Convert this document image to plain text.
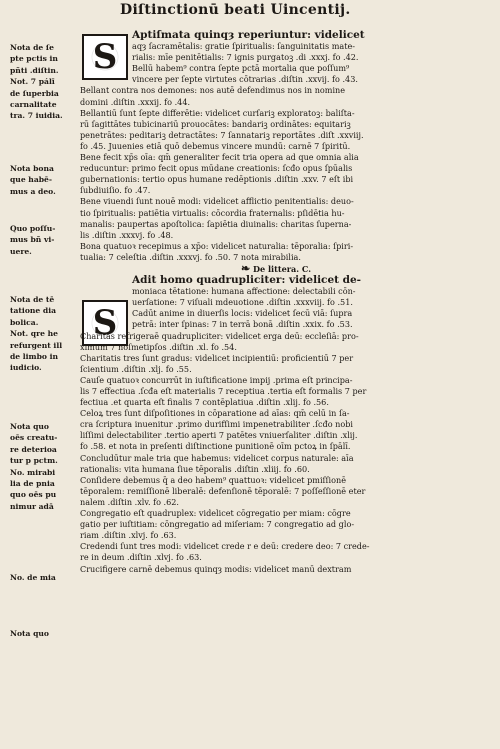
Diſtinctionū beati Uincentij.
Nota de ſe
pte pctis in
pñti .diſtin.
Not. 7 pálī
de ſuperbia
carnalitate
tra. 7 iuidia.
Nota bona
que habē-
mus a deo.
Quo poſſu-
mus bñ vi-
uere.
Nota de tē
tatione dia
bolica.
Not. qre he
refurgent ill
de limbo in
iudicio.
Nota quo
oēs creatu-
re deterioa
tur p pctm.
No. mirabi
lia de pnia
quo oēs pu
nimur adā
No. de mia
Nota quo
S
S
Aptiſmata quinqȝ reperiuntur: videlicet
aqȝ ſacramētalis: gratie ſpiritualis: ſanguinitatis mate-
rialis: mīe penitētialis: 7 ignis purgatoꝫ .di .xxxj. fo .42.
Bellū habem⁹ contra ſepte pctā mortalia que poſſum⁹
vincere per ſepte virtutes cōtrarias .diſtin .xxvij. fo .43.
Bellant contra nos demones: nos autē defendimus nos in nomine
domini .diſtin .xxxij. fo .44.
Bellantiū ſunt ſepte differētie: videlicet curſariꝫ exploratoꝫ: baliſta-
rū ſagittātes tubicinariū prouocātes: bandariꝫ ordinātes: equitariꝫ
penetrātes: peditariꝫ detractātes: 7 ſannatariꝫ reportātes .diſt .xxviij.
fo .45. Juuenies etiā quō debemus vincere mundū: carnē 7 ſpiritū.
Bene fecit xp̄s oīa: qm̄ generaliter fecit tria opera ad que omnia alia
reducuntur: primo fecit opus mūdane creationis: ſcđo opus ſpūalis
gubernationis: tertio opus humane redēptionis .diſtin .xxv. 7 eſt ibi
ſubdiuiſio. fo .47.
Bene viuendi ſunt nouē modi: videlicet afflictio penitentialis: deuo-
tio ſpiritualis: patiētia virtualis: cōcordia fraternalis: pſidētia hu-
manalis: paupertas apoſtolica: ſapiētia diuinalis: charitas ſuperna-
lis .diſtin .xxxvj. fo .48.
Bona quatuoꝛ recepimus a xp̄o: videlicet naturalia: tēporalia: ſpiri-
tualia: 7 celeſtia .diſtin .xxxvj. fo .50. 7 nota mirabilia.
❧ De littera. C.
Adit homo quadrupliciter: videlicet de-
moniaca tētatione: humana affectione: delectabili cōn-
uerſatione: 7 viſuali mdeuotione .diſtin .xxxviij. fo .51.
Cadūt anime in diuerſis locis: videlicet ſecū viā: ſupra
petrā: inter ſpinas: 7 in terrā bonā .diſtin .xxix. fo .53.
Charitas refrigeraē quadrupliciter: videlicet erga deū: eccleſiā: pro-
ximum 7 noſmetipſos .diſtin .xl. fo .54.
Charitatis tres ſunt gradus: videlicet incipientiū: proficientiū 7 per
ſcientium .diſtin .xlj. fo .55.
Cauſe quatuoꝛ concurrūt in iuſtificatione impij .prima eſt principa-
lis 7 effectiua .ſcđa eſt materialis 7 receptiua .tertia eſt formalis 7 per
fectiua .et quarta eſt finalis 7 contēplatiua .diſtin .xlij. fo .56.
Celoꝝ tres ſunt diſpoſitiones in cōparatione ad aīas: qm̄ celū in ſa-
cra ſcriptura inuenitur .primo durifſimi impenetrabiliter .ſcđo nobi
liſſimi delectabiliter .tertio aperti 7 patētes vniuerſaliter .diſtin .xlij.
fo .58. et nota in preſenti diſtinctione punitionē oīm pctoꝝ in ſpālī.
Concludūtur male tria que habemus: videlicet corpus naturale: aīa
rationalis: vita humana ſiue tēporalis .diſtin .xliij. fo .60.
Conſidere debemus q̄ a deo habem⁹ quattuoꝛ: videlicet pmiſſionē
tēporalem: remiſſionē liberalē: defenſionē tēporalē: 7 poſſeſſionē eter
nalem .diſtin .xlv. fo .62.
Congregatio eſt quadruplex: videlicet cōgregatio per miam: cōgre
gatio per iuſtitiam: cōngregatio ad miſeriam: 7 congregatio ad glo-
riam .diſtin .xlvj. fo .63.
Credendi ſunt tres modi: videlicet crede r e deū: credere deo: 7 crede-
re in deum .diſtin .xlvj. fo .63.
Crucifigere carnē debemus quinqȝ modis: videlicet manū dextram
